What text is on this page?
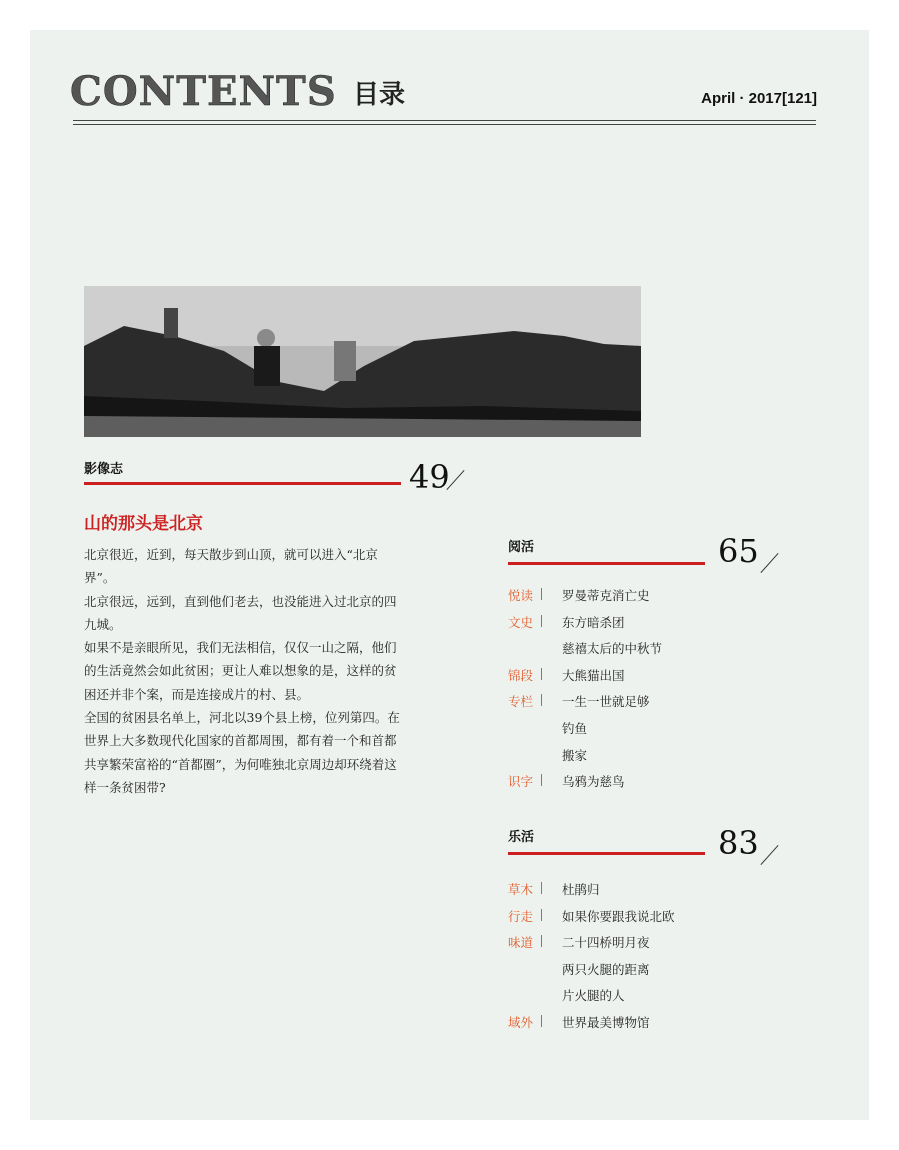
CONTENTS 目录	April · 2017[121]
影像志	49
山的那头是北京

北京很近，近到，每天散步到山顶，就可以进入“北京界”。

北京很远，远到，直到他们老去，也没能进入过北京的四九城。

如果不是亲眼所见，我们无法相信，仅仅一山之隔，他们的生活竟然会如此贫困；更让人难以想象的是，这样的贫困还并非个案，而是连接成片的村、县。

全国的贫困县名单上，河北以39个县上榜，位列第四。在世界上大多数现代化国家的首都周围，都有着一个和首都共享繁荣富裕的“首都圈”，为何唯独北京周边却环绕着这样一条贫困带?

阅活	65
悦读 罗曼蒂克消亡史
文史 东方暗杀团
慈禧太后的中秋节
锦段 大熊猫出国
专栏 一生一世就足够
钓鱼
搬家
识字 乌鸦为慈鸟
乐活	83
草木 杜鹃归
行走 如果你要跟我说北欧
味道 二十四桥明月夜
两只火腿的距离
片火腿的人
域外 世界最美博物馆
